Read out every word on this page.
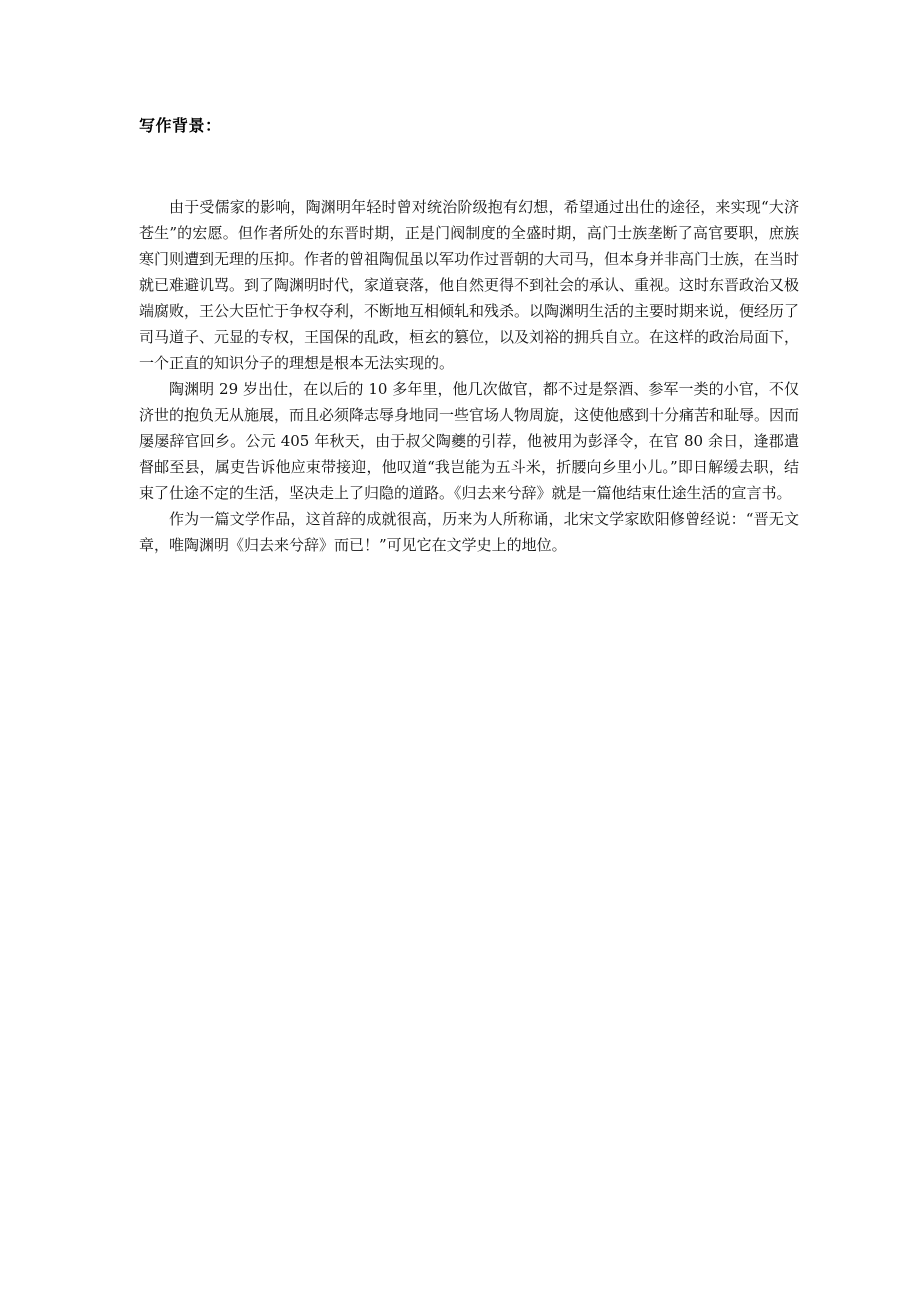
写作背景：

由于受儒家的影响，陶渊明年轻时曾对统治阶级抱有幻想，希望通过出仕的途径，来实现“大济苍生”的宏愿。但作者所处的东晋时期，正是门阀制度的全盛时期，高门士族垄断了高官要职，庶族寒门则遭到无理的压抑。作者的曾祖陶侃虽以军功作过晋朝的大司马，但本身并非高门士族，在当时就已难避讥骂。到了陶渊明时代，家道衰落，他自然更得不到社会的承认、重视。这时东晋政治又极端腐败，王公大臣忙于争权夺利，不断地互相倾轧和残杀。以陶渊明生活的主要时期来说，便经历了司马道子、元显的专权，王国保的乱政，桓玄的篡位，以及刘裕的拥兵自立。在这样的政治局面下，一个正直的知识分子的理想是根本无法实现的。

陶渊明 29 岁出仕，在以后的 10 多年里，他几次做官，都不过是祭酒、参军一类的小官，不仅济世的抱负无从施展，而且必须降志辱身地同一些官场人物周旋，这使他感到十分痛苦和耻辱。因而屡屡辞官回乡。公元 405 年秋天，由于叔父陶夔的引荐，他被用为彭泽令，在官 80 余日，逢郡遣督邮至县，属吏告诉他应束带接迎，他叹道“我岂能为五斗米，折腰向乡里小儿。”即日解缓去职，结束了仕途不定的生活，坚决走上了归隐的道路。《归去来兮辞》就是一篇他结束仕途生活的宣言书。

作为一篇文学作品，这首辞的成就很高，历来为人所称诵，北宋文学家欧阳修曾经说：“晋无文章，唯陶渊明《归去来兮辞》而已！”可见它在文学史上的地位。
